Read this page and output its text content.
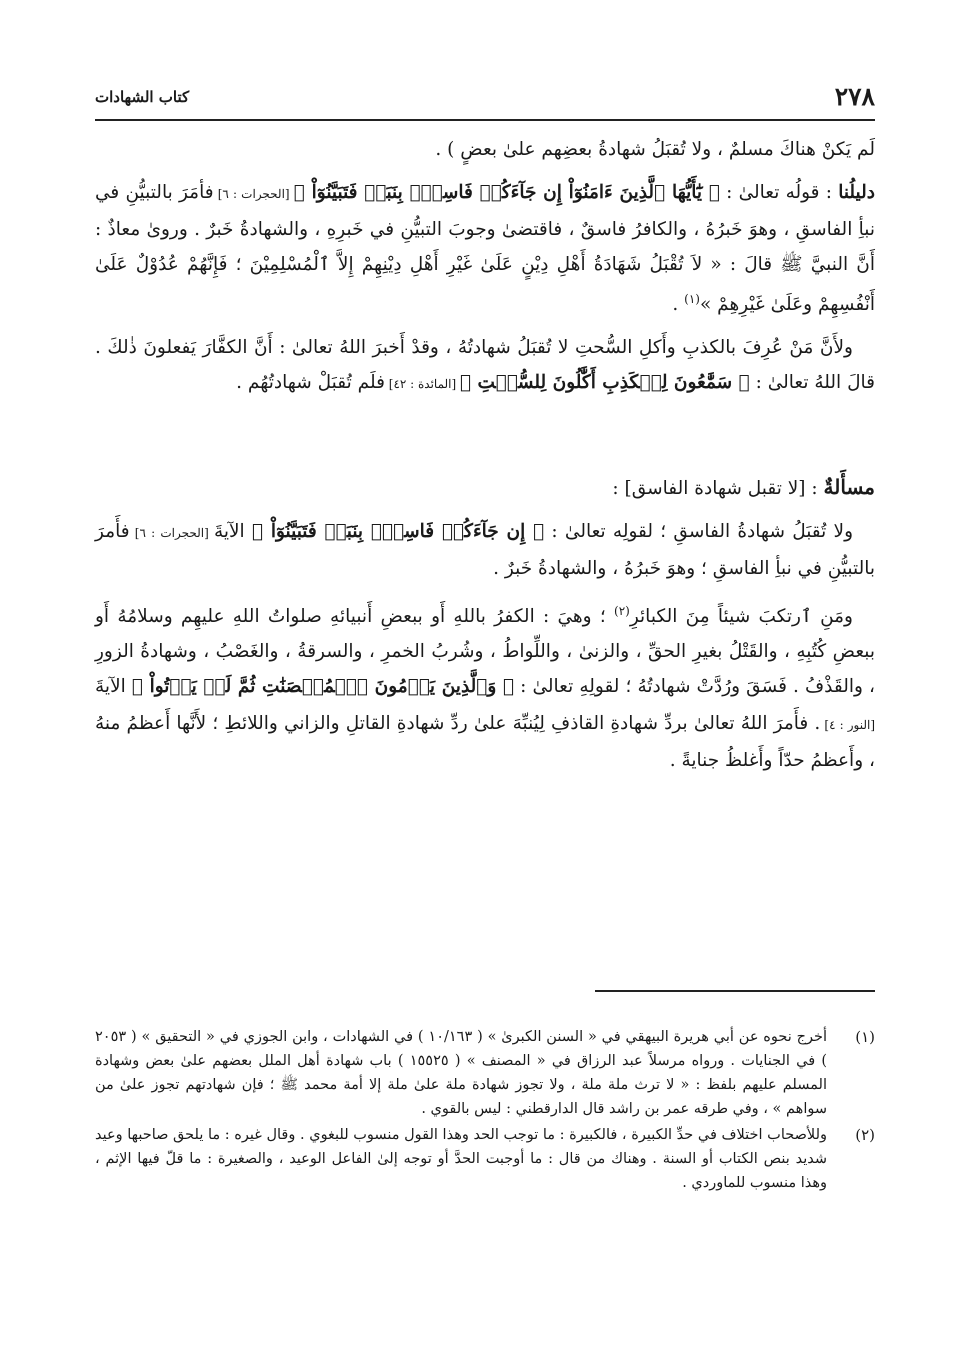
٢٧٨
كتاب الشهادات

لَم يَكنْ هناكَ مسلمٌ ، ولا تُقبَلُ شهادةُ بعضِهم علىٰ بعضٍ ) .

دليلُنا : قولُه تعالىٰ : ﴿ يَٰٓأَيُّهَا ٱلَّذِينَ ءَامَنُوٓاْ إِن جَآءَكُمۡ فَاسِقُۢ بِنَبَإٖ فَتَبَيَّنُوٓاْ ﴾ [الحجرات : ٦] فأمَرَ بالتبيُّنِ في نبأِ الفاسقِ ، وهوَ خَبرُهُ ، والكافرُ فاسقٌ ، فاقتضىٰ وجوبَ التبيُّنِ في خَبرِهِ ، والشهادةُ خَبرٌ . وروىٰ معاذٌ : أَنَّ النبيَّ ﷺ قالَ : « لاَ تُقْبَلُ شَهَادَةُ أَهْلِ دِيْنٍ عَلَىٰ غَيْرِ أَهْلِ دِيْنِهِمْ إِلاَّ ٱلْمُسْلِمِيْنَ ؛ فَإِنَّهُمْ عُدُوْلٌ عَلَىٰ أَنْفُسِهِمْ وعَلَىٰ غَيْرِهِمْ »$^{(١)}$ .

ولأَنَّ مَنْ عُرِفَ بالكذبِ وأَكلِ السُّحتِ لا تُقبَلُ شهادتُهُ ، وقدْ أَخبرَ اللهُ تعالىٰ : أَنَّ الكفَّارَ يَفعلونَ ذٰلكَ . قالَ اللهُ تعالىٰ : ﴿ سَمَّٰعُونَ لِلۡكَذِبِ أَكَّٰلُونَ لِلسُّحۡتِ ﴾ [المائدة : ٤٢] فلَم تُقبَلْ شهادتُهُم .

مسأَلةٌ : [لا تقبل شهادة الفاسق] :

ولا تُقبَلُ شهادةُ الفاسقِ ؛ لقولِه تعالىٰ : ﴿ إِن جَآءَكُمۡ فَاسِقُۢ بِنَبَإٖ فَتَبَيَّنُوٓاْ ﴾ الآيةَ [الحجرات : ٦] فأَمرَ بالتبيُّنِ في نبأِ الفاسقِ ؛ وهوَ خَبرُهُ ، والشهادةُ خَبرٌ .

ومَنِ ٱرتكبَ شيئاً مِنَ الكبائرِ$^{(٢)}$ ؛ وهيَ : الكفرُ باللهِ أَو ببعضِ أَنبيائهِ صلواتُ اللهِ عليهِم وسلامُهُ أَو ببعضِ كُتُبِهِ ، والقَتْلُ بغيرِ الحقِّ ، والزنىٰ ، واللِّواطُ ، وشُربُ الخمرِ ، والسرقةُ ، والغَصْبُ ، وشهادةُ الزورِ ، والقَذْفُ . فَسَقَ ورُدَّتْ شهادتُهُ ؛ لقولِهِ تعالىٰ : ﴿ وَٱلَّذِينَ يَرۡمُونَ ٱلۡمُحۡصَنَٰتِ ثُمَّ لَمۡ يَأۡتُواْ ﴾ الآيةَ [النور : ٤] . فأَمرَ اللهُ تعالىٰ بردِّ شهادةِ القاذفِ لِيُنبِّهَ علىٰ ردِّ شهادةِ القاتلِ والزاني واللائطِ ؛ لأَنَّها أَعظمُ منهُ ، وأَعظمُ حدّاً وأَغلظُ جنايةً .

(١)
أخرج نحوه عن أبي هريرة البيهقي في « السنن الكبرىٰ » ( ١٠/١٦٣ ) في الشهادات ، وابن الجوزي في « التحقيق » ( ٢٠٥٣ ) في الجنايات . ورواه مرسلاً عبد الرزاق في « المصنف » ( ١٥٥٢٥ ) باب شهادة أهل الملل بعضهم علىٰ بعض وشهادة المسلم عليهم بلفظ : « لا ترث ملة ملة ، ولا تجوز شهادة ملة علىٰ ملة إلا أمة محمد ﷺ ؛ فإن شهادتهم تجوز علىٰ من سواهم » ، وفي طرقه عمر بن راشد قال الدارقطني : ليس بالقوي .
(٢)
وللأصحاب اختلاف في حدِّ الكبيرة ، فالكبيرة : ما توجب الحد وهذا القول منسوب للبغوي . وقال غيره : ما يلحق صاحبها وعيد شديد بنص الكتاب أو السنة . وهناك من قال : ما أوجبت الحدَّ أو توجه إلىٰ الفاعل الوعيد ، والصغيرة : ما قلّ فيها الإثم ، وهذا منسوب للماوردي .
